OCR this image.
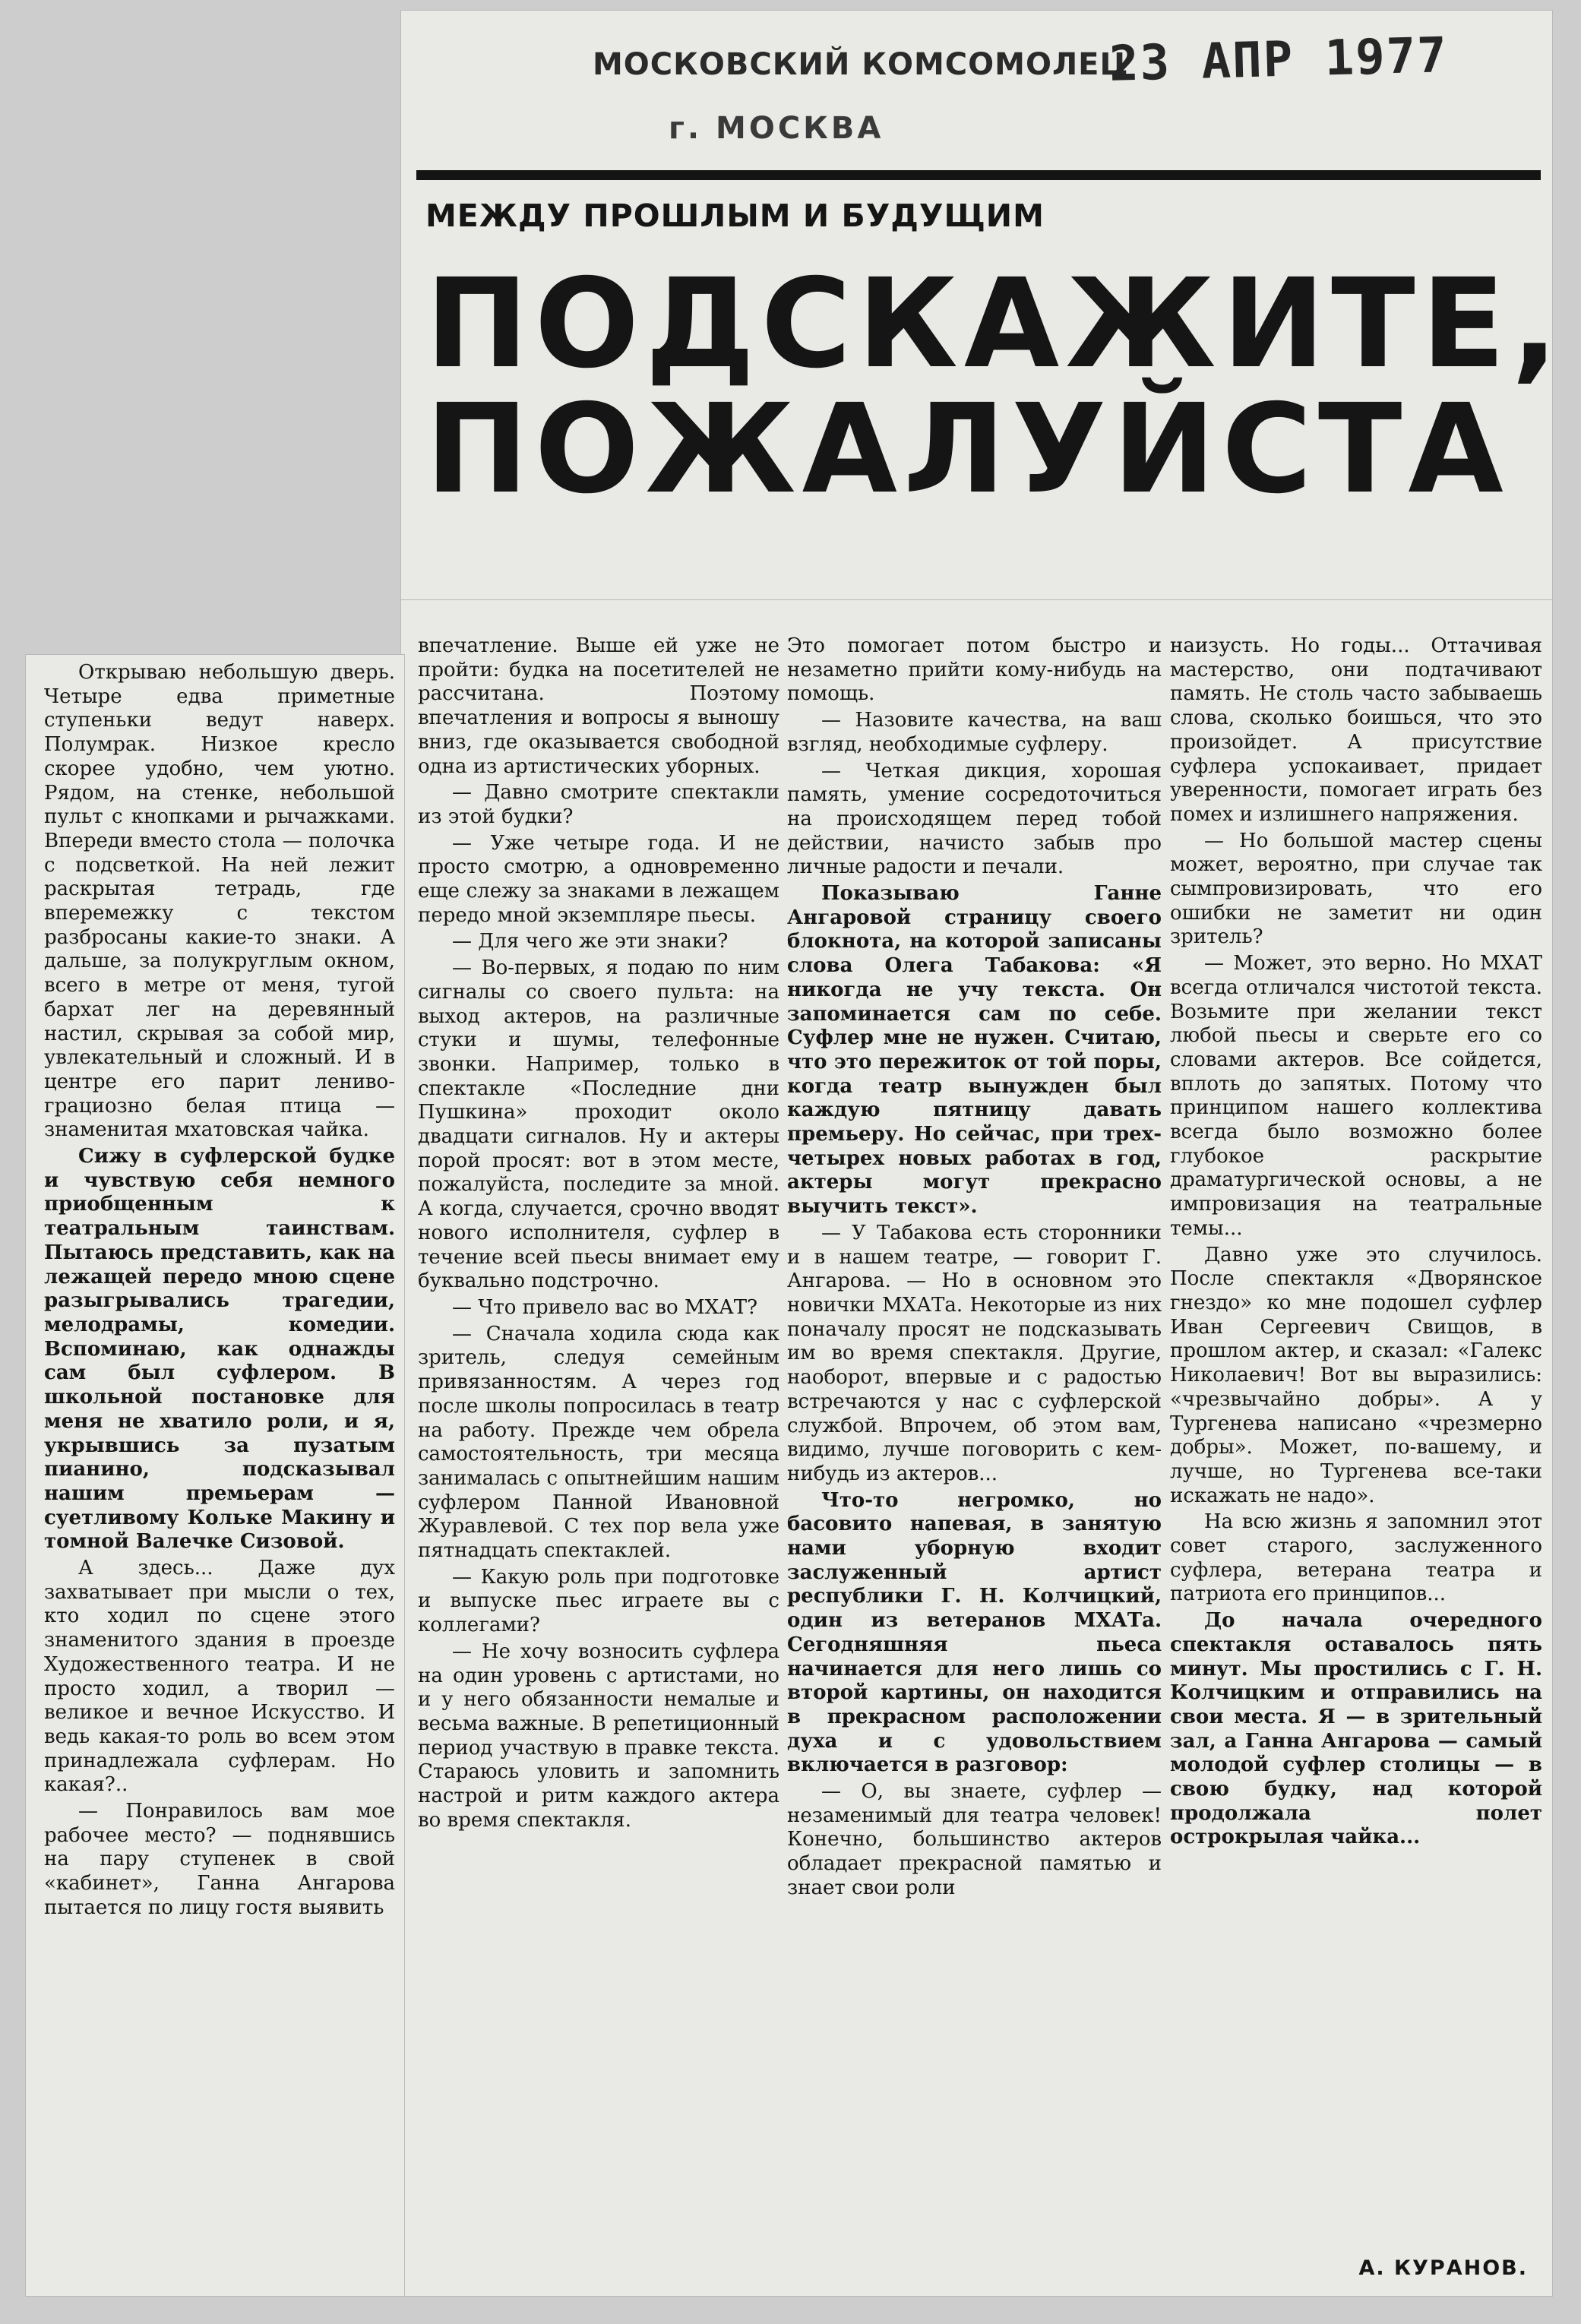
МОСКОВСКИЙ КОМСОМОЛЕЦ
г. МОСКВА
23 АПР 1977
МЕЖДУ ПРОШЛЫМ И БУДУЩИМ
ПОДСКАЖИТЕ,
ПОЖАЛУЙСТА

Открываю небольшую дверь. Четыре едва приметные ступеньки ведут наверх. Полумрак. Низкое кресло скорее удобно, чем уютно. Рядом, на стенке, небольшой пульт с кнопками и рычажками. Впереди вместо стола — полочка с подсветкой. На ней лежит раскрытая тетрадь, где вперемежку с текстом разбросаны какие-то знаки. А дальше, за полукруглым окном, всего в метре от меня, тугой бархат лег на деревянный настил, скрывая за собой мир, увлекательный и сложный. И в центре его парит лениво-грациозно белая птица — знаменитая мхатовская чайка.

Сижу в суфлерской будке и чувствую себя немного приобщенным к театральным таинствам. Пытаюсь представить, как на лежащей передо мною сцене разыгрывались трагедии, мелодрамы, комедии. Вспоминаю, как однажды сам был суфлером. В школьной постановке для меня не хватило роли, и я, укрывшись за пузатым пианино, подсказывал нашим премьерам — суетливому Кольке Макину и томной Валечке Сизовой.

А здесь... Даже дух захватывает при мысли о тех, кто ходил по сцене этого знаменитого здания в проезде Художественного театра. И не просто ходил, а творил — великое и вечное Искусство. И ведь какая-то роль во всем этом принадлежала суфлерам. Но какая?..

— Понравилось вам мое рабочее место? — поднявшись на пару ступенек в свой «кабинет», Ганна Ангарова пытается по лицу гостя выявить

впечатление. Выше ей уже не пройти: будка на посетителей не рассчитана. Поэтому впечатления и вопросы я выношу вниз, где оказывается свободной одна из артистических уборных.

— Давно смотрите спектакли из этой будки?

— Уже четыре года. И не просто смотрю, а одновременно еще слежу за знаками в лежащем передо мной экземпляре пьесы.

— Для чего же эти знаки?

— Во-первых, я подаю по ним сигналы со своего пульта: на выход актеров, на различные стуки и шумы, телефонные звонки. Например, только в спектакле «Последние дни Пушкина» проходит около двадцати сигналов. Ну и актеры порой просят: вот в этом месте, пожалуйста, последите за мной. А когда, случается, срочно вводят нового исполнителя, суфлер в течение всей пьесы внимает ему буквально подстрочно.

— Что привело вас во МХАТ?

— Сначала ходила сюда как зритель, следуя семейным привязанностям. А через год после школы попросилась в театр на работу. Прежде чем обрела самостоятельность, три месяца занималась с опытнейшим нашим суфлером Панной Ивановной Журавлевой. С тех пор вела уже пятнадцать спектаклей.

— Какую роль при подготовке и выпуске пьес играете вы с коллегами?

— Не хочу возносить суфлера на один уровень с артистами, но и у него обязанности немалые и весьма важные. В репетиционный период участвую в правке текста. Стараюсь уловить и запомнить настрой и ритм каждого актера во время спектакля.

Это помогает потом быстро и незаметно прийти кому-нибудь на помощь.

— Назовите качества, на ваш взгляд, необходимые суфлеру.

— Четкая дикция, хорошая память, умение сосредоточиться на происходящем перед тобой действии, начисто забыв про личные радости и печали.

Показываю Ганне Ангаровой страницу своего блокнота, на которой записаны слова Олега Табакова: «Я никогда не учу текста. Он запоминается сам по себе. Суфлер мне не нужен. Считаю, что это пережиток от той поры, когда театр вынужден был каждую пятницу давать премьеру. Но сейчас, при трех-четырех новых работах в год, актеры могут прекрасно выучить текст».

— У Табакова есть сторонники и в нашем театре, — говорит Г. Ангарова. — Но в основном это новички МХАТа. Некоторые из них поначалу просят не подсказывать им во время спектакля. Другие, наоборот, впервые и с радостью встречаются у нас с суфлерской службой. Впрочем, об этом вам, видимо, лучше поговорить с кем-нибудь из актеров...

Что-то негромко, но басовито напевая, в занятую нами уборную входит заслуженный артист республики Г. Н. Колчицкий, один из ветеранов МХАТа. Сегодняшняя пьеса начинается для него лишь со второй картины, он находится в прекрасном расположении духа и с удовольствием включается в разговор:

— О, вы знаете, суфлер — незаменимый для театра человек! Конечно, большинство актеров обладает прекрасной памятью и знает свои роли

наизусть. Но годы... Оттачивая мастерство, они подтачивают память. Не столь часто забываешь слова, сколько боишься, что это произойдет. А присутствие суфлера успокаивает, придает уверенности, помогает играть без помех и излишнего напряжения.

— Но большой мастер сцены может, вероятно, при случае так сымпровизировать, что его ошибки не заметит ни один зритель?

— Может, это верно. Но МХАТ всегда отличался чистотой текста. Возьмите при желании текст любой пьесы и сверьте его со словами актеров. Все сойдется, вплоть до запятых. Потому что принципом нашего коллектива всегда было возможно более глубокое раскрытие драматургической основы, а не импровизация на театральные темы...

Давно уже это случилось. После спектакля «Дворянское гнездо» ко мне подошел суфлер Иван Сергеевич Свищов, в прошлом актер, и сказал: «Галекс Николаевич! Вот вы выразились: «чрезвычайно добры». А у Тургенева написано «чрезмерно добры». Может, по-вашему, и лучше, но Тургенева все-таки искажать не надо».

На всю жизнь я запомнил этот совет старого, заслуженного суфлера, ветерана театра и патриота его принципов...

До начала очередного спектакля оставалось пять минут. Мы простились с Г. Н. Колчицким и отправились на свои места. Я — в зрительный зал, а Ганна Ангарова — самый молодой суфлер столицы — в свою будку, над которой продолжала полет острокрылая чайка...

А. КУРАНОВ.
